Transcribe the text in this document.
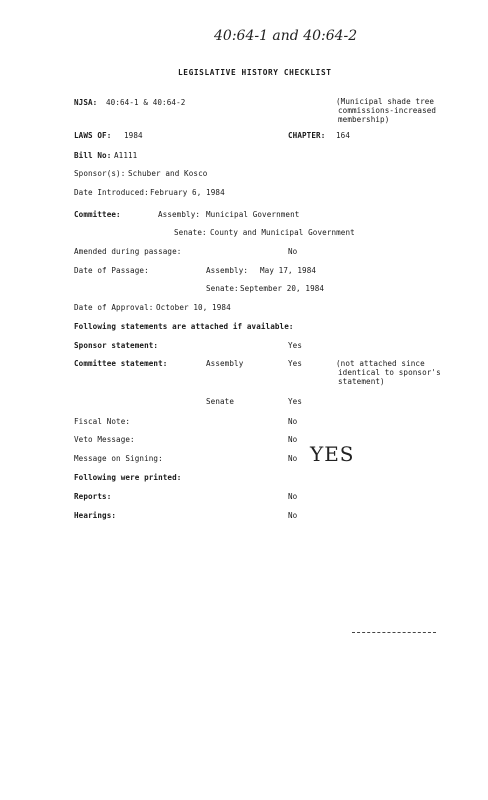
40:64-1 and 40:64-2
LEGISLATIVE HISTORY CHECKLIST
NJSA: 40:64-1 & 40:64-2	(Municipal shade tree
commissions-increased
membership)
LAWS OF: 1984	CHAPTER: 164
Bill No: A1111
Sponsor(s): Schuber and Kosco
Date Introduced: February 6, 1984
Committee:	Assembly: Municipal Government
Senate: County and Municipal Government
Amended during passage:	No
Date of Passage:	Assembly: May 17, 1984
Senate: September 20, 1984
Date of Approval: October 10, 1984
Following statements are attached if available:
Sponsor statement:	Yes
Committee statement:	Assembly	Yes	(not attached since
identical to sponsor's
statement)
Senate	Yes
Fiscal Note:	No
Veto Message:	No
Message on Signing:	No YES
Following were printed:
Reports:	No
Hearings:	No
